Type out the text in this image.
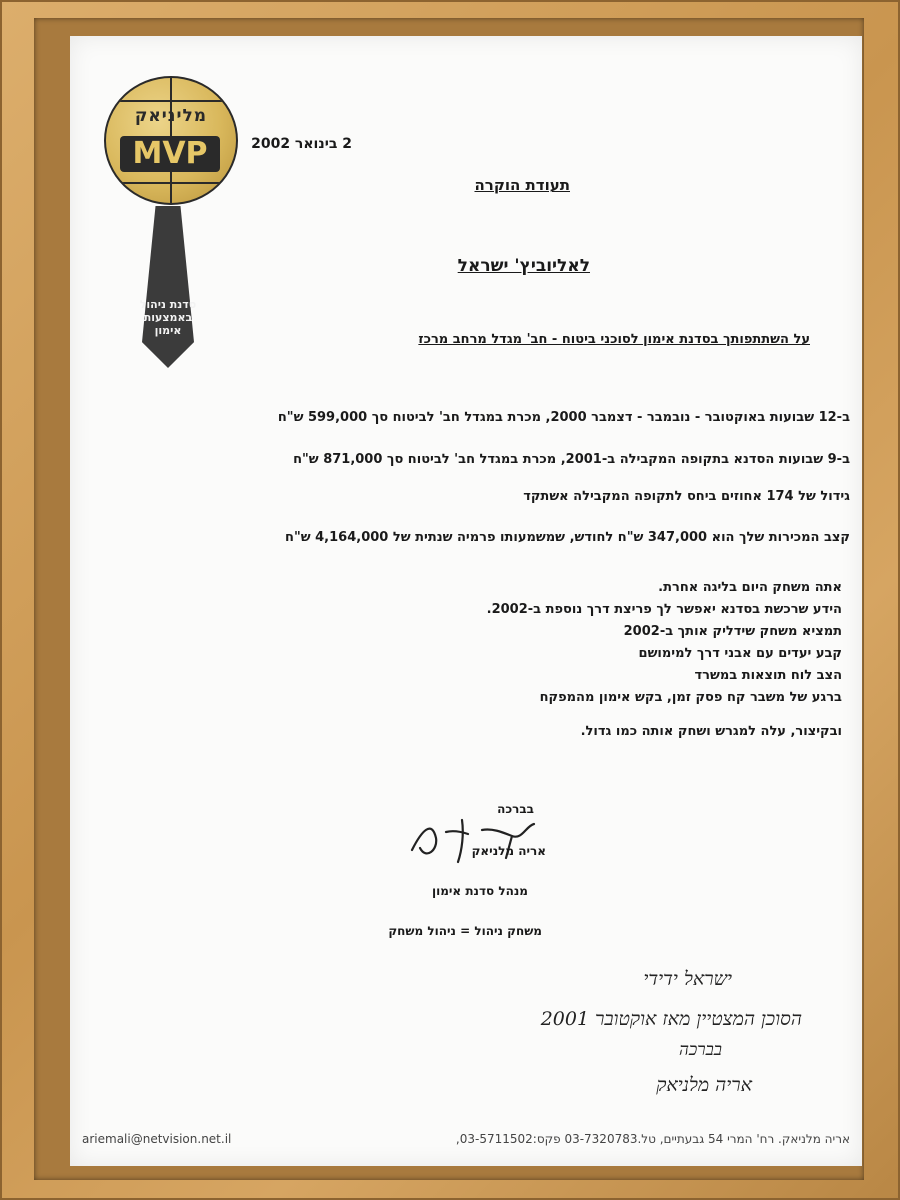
מליניאק
MVP
סדנת ניהול באמצעות אימון
2 בינואר 2002
תעודת הוקרה
לאליוביץ' ישראל
על השתתפותך בסדנת אימון לסוכני ביטוח - חב' מגדל מרחב מרכז
ב-12 שבועות באוקטובר - נובמבר - דצמבר 2000, מכרת במגדל חב' לביטוח סך 599,000 ש"ח
ב-9 שבועות הסדנא בתקופה המקבילה ב-2001, מכרת במגדל חב' לביטוח סך 871,000 ש"ח
גידול של 174 אחוזים ביחס לתקופה המקבילה אשתקד
קצב המכירות שלך הוא 347,000 ש"ח לחודש, שמשמעותו פרמיה שנתית של 4,164,000 ש"ח
אתה משחק היום בליגה אחרת.
הידע שרכשת בסדנא יאפשר לך פריצת דרך נוספת ב-2002.
תמציא משחק שידליק אותך ב-2002
קבע יעדים עם אבני דרך למימושם
הצב לוח תוצאות במשרד
ברגע של משבר קח פסק זמן, בקש אימון מהמפקח
ובקיצור, עלה למגרש ושחק אותה כמו גדול.
בברכה
אריה מלניאק
מנהל סדנת אימון
משחק ניהול = ניהול משחק
ישראל ידידי
הסוכן המצטיין מאז אוקטובר 2001
בברכה
אריה מלניאק
אריה מלניאק. רח' המרי 54 גבעתיים, טל.03-7320783 פקס:03-5711502,
ariemali@netvision.net.il
